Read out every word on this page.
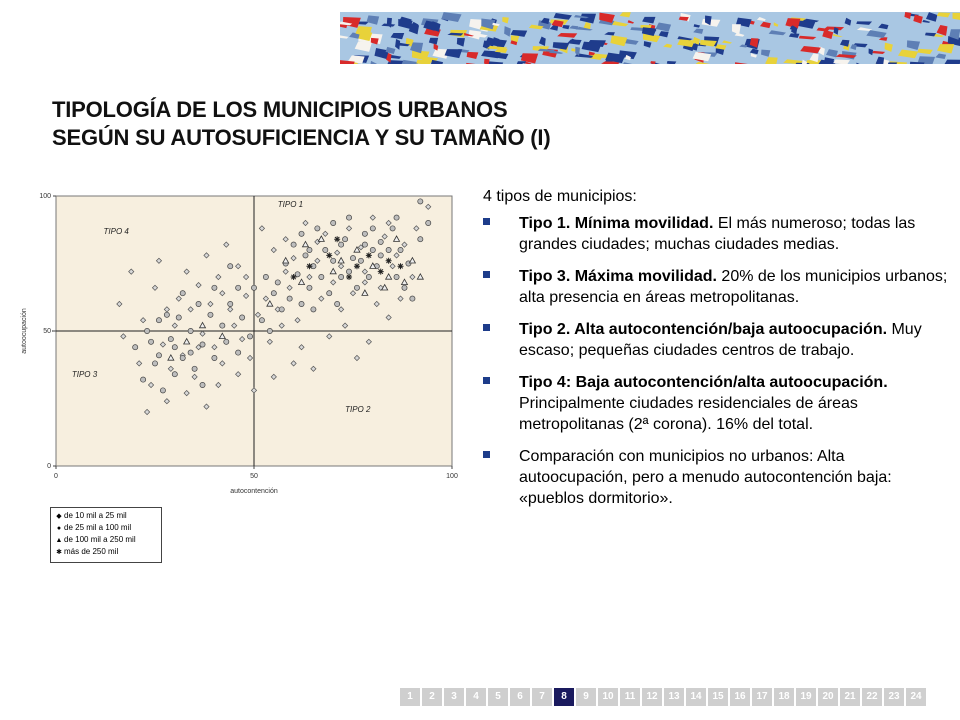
TIPOLOGÍA DE LOS MUNICIPIOS URBANOS
SEGÚN SU AUTOSUFICIENCIA Y SU TAMAÑO (I)
0	50	100
0
50
100
autocontención
autoocupación
TIPO 1
TIPO 4
TIPO 3
TIPO 2
◆ de 10 mil a 25 mil
● de 25 mil a 100 mil
▲ de 100 mil a 250 mil
✱ más de 250 mil
4 tipos de municipios:
Tipo 1. Mínima movilidad. El más numeroso; todas las grandes ciudades; muchas ciudades medias.
Tipo 3. Máxima movilidad. 20% de los municipios urbanos; alta presencia en áreas metropolitanas.
Tipo 2. Alta autocontención/baja autoocupación. Muy escaso; pequeñas ciudades centros de trabajo.
Tipo 4: Baja autocontención/alta autoocupación. Principalmente ciudades residenciales de áreas metropolitanas (2ª corona). 16% del total.
Comparación con municipios no urbanos: Alta autoocupación, pero a menudo autocontención baja: «pueblos dormitorio».
1	2	3	4	5	6	7	8	9	10	11	12	13	14	15	16	17	18	19	20	21	22	23	24
